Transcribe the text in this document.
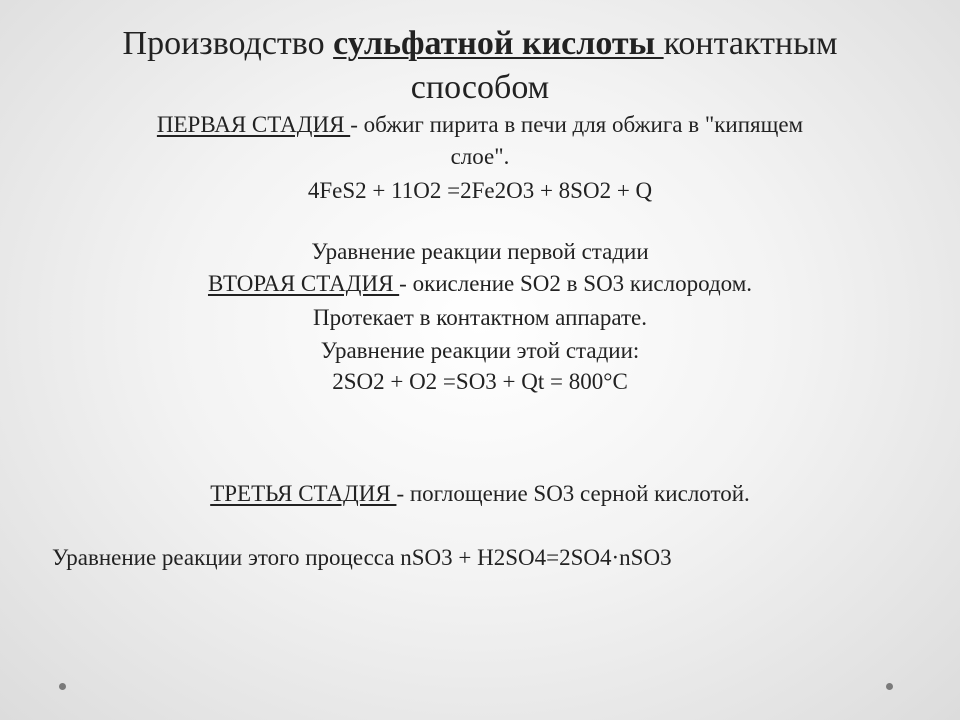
Производство сульфатной кислоты контактным
способом
ПЕРВАЯ СТАДИЯ - обжиг пирита в печи для обжига в "кипящем
слое".
4FeS2 + 11O2 =2Fe2O3 + 8SO2 + Q
Уравнение реакции первой стадии
ВТОРАЯ СТАДИЯ - окисление SO2 в SO3 кислородом.
Протекает в контактном аппарате.
Уравнение реакции этой стадии:
2SO2 + O2 =SO3 + Qt = 800°С
ТРЕТЬЯ СТАДИЯ - поглощение SO3 серной кислотой.
Уравнение реакции этого процесса nSO3 + H2SO4=2SO4·nSO3
